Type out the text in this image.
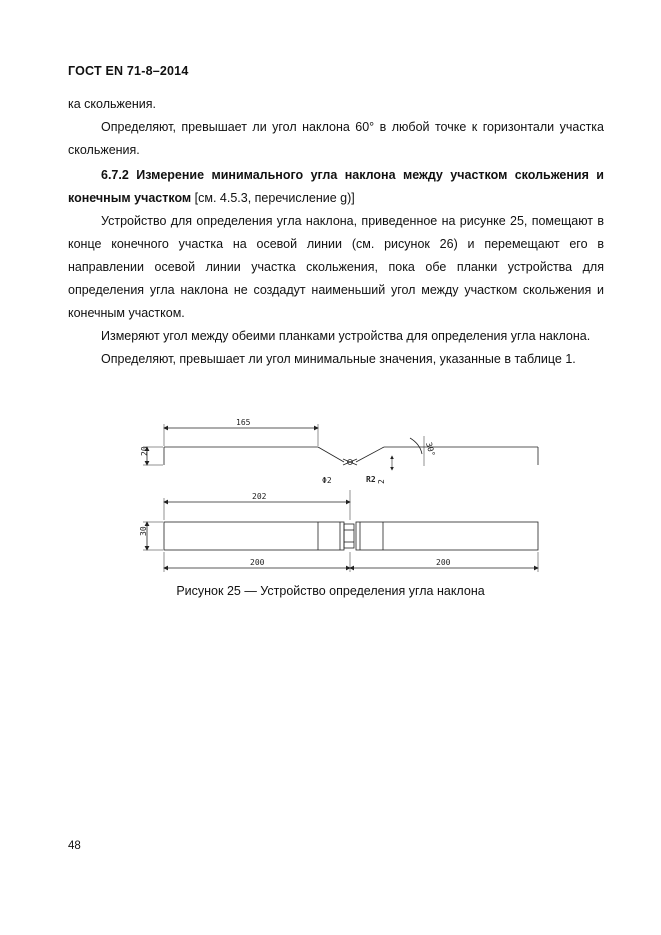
ГОСТ EN 71-8–2014

ка скольжения.

Определяют, превышает ли угол наклона 60° в любой точке к горизонтали участка скольжения.

6.7.2 Измерение минимального угла наклона между участком скольжения и конечным участком [см. 4.5.3, перечисление g)]

Устройство для определения угла наклона, приведенное на рисунке 25, помещают в конце конечного участка на осевой линии (см. рисунок 26) и перемещают его в направлении осевой линии участка скольжения, пока обе планки устройства для определения угла наклона не создадут наименьший угол между участком скольжения и конечным участком.

Измеряют угол между обеими планками устройства для определения угла наклона.

Определяют, превышает ли угол минимальные значения, указанные в таблице 1.

165
20	30°
Φ2	R2 2
202
30
200	200
Рисунок 25 — Устройство определения угла наклона
48
